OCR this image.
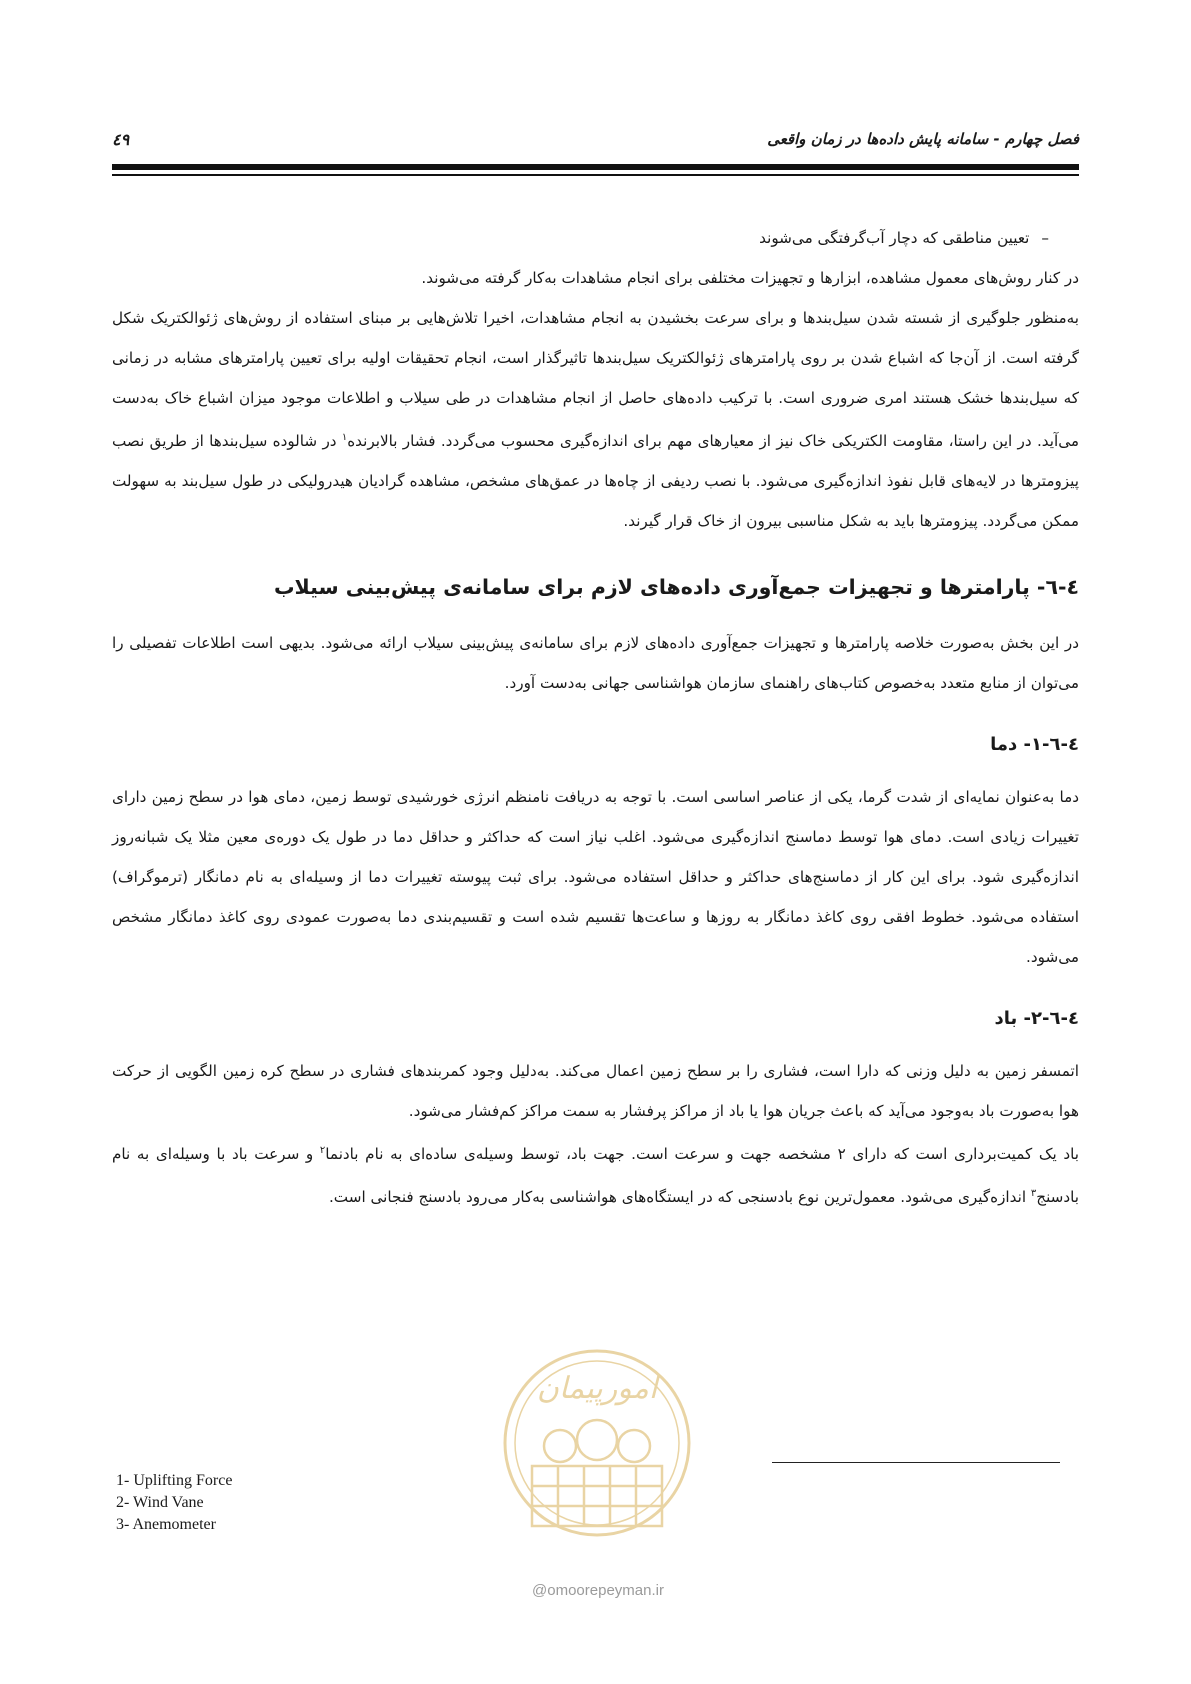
فصل چهارم - سامانه پایش داده‌ها در زمان واقعی
٤٩

–تعیین مناطقی که دچار آب‌گرفتگی می‌شوند

در کنار روش‌های معمول مشاهده، ابزارها و تجهیزات مختلفی برای انجام مشاهدات به‌کار گرفته می‌شوند.

به‌منظور جلوگیری از شسته شدن سیل‌بندها و برای سرعت بخشیدن به انجام مشاهدات، اخیرا تلاش‌هایی بر مبنای استفاده از روش‌های ژئوالکتریک شکل گرفته است. از آن‌جا که اشباع شدن بر روی پارامترهای ژئوالکتریک سیل‌بندها تاثیرگذار است، انجام تحقیقات اولیه برای تعیین پارامترهای مشابه در زمانی که سیل‌بندها خشک هستند امری ضروری است. با ترکیب داده‌های حاصل از انجام مشاهدات در طی سیلاب و اطلاعات موجود میزان اشباع خاک به‌دست می‌آید. در این راستا، مقاومت الکتریکی خاک نیز از معیارهای مهم برای اندازه‌گیری محسوب می‌گردد. فشار بالابرنده$^۱$ در شالوده سیل‌بندها از طریق نصب پیزومترها در لایه‌های قابل نفوذ اندازه‌گیری می‌شود. با نصب ردیفی از چاه‌ها در عمق‌های مشخص، مشاهده گرادیان هیدرولیکی در طول سیل‌بند به سهولت ممکن می‌گردد. پیزومترها باید به شکل مناسبی بیرون از خاک قرار گیرند.

٤-٦- پارامترها و تجهیزات جمع‌آوری داده‌های لازم برای سامانه‌ی پیش‌بینی سیلاب

در این بخش به‌صورت خلاصه پارامترها و تجهیزات جمع‌آوری داده‌های لازم برای سامانه‌ی پیش‌بینی سیلاب ارائه می‌شود. بدیهی است اطلاعات تفصیلی را می‌توان از منابع متعدد به‌خصوص کتاب‌های راهنمای سازمان هواشناسی جهانی به‌دست آورد.

٤-٦-١- دما

دما به‌عنوان نمایه‌ای از شدت گرما، یکی از عناصر اساسی است. با توجه به دریافت نامنظم انرژی خورشیدی توسط زمین، دمای هوا در سطح زمین دارای تغییرات زیادی است. دمای هوا توسط دماسنج اندازه‌گیری می‌شود. اغلب نیاز است که حداکثر و حداقل دما در طول یک دوره‌ی معین مثلا یک شبانه‌روز اندازه‌گیری شود. برای این کار از دماسنج‌های حداکثر و حداقل استفاده می‌شود. برای ثبت پیوسته تغییرات دما از وسیله‌ای به نام دمانگار (ترموگراف) استفاده می‌شود. خطوط افقی روی کاغذ دمانگار به روزها و ساعت‌ها تقسیم شده است و تقسیم‌بندی دما به‌صورت عمودی روی کاغذ دمانگار مشخص می‌شود.

٤-٦-٢- باد

اتمسفر زمین به دلیل وزنی که دارا است، فشاری را بر سطح زمین اعمال می‌کند. به‌دلیل وجود کمربندهای فشاری در سطح کره زمین الگویی از حرکت هوا به‌صورت باد به‌وجود می‌آید که باعث جریان هوا یا باد از مراکز پرفشار به سمت مراکز کم‌فشار می‌شود.

باد یک کمیت‌برداری است که دارای ۲ مشخصه جهت و سرعت است. جهت باد، توسط وسیله‌ی ساده‌ای به نام بادنما$^۲$ و سرعت باد با وسیله‌ای به نام بادسنج$^۳$ اندازه‌گیری می‌شود. معمول‌ترین نوع بادسنجی که در ایستگاه‌های هواشناسی به‌کار می‌رود بادسنج فنجانی است.

امورپیمان
@omoorepeyman.ir
1- Uplifting Force
2- Wind Vane
3- Anemometer
